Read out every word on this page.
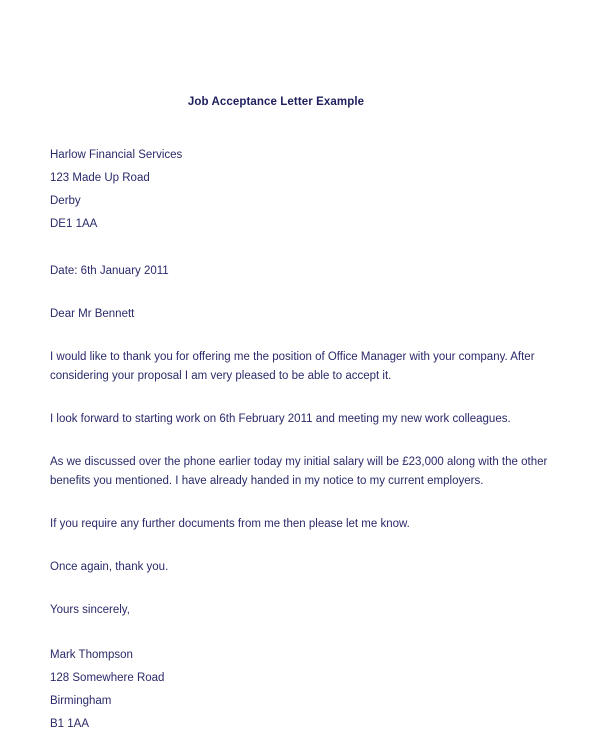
Job Acceptance Letter Example
Harlow Financial Services
123 Made Up Road
Derby
DE1 1AA
Date: 6th January 2011
Dear Mr Bennett
I would like to thank you for offering me the position of Office Manager with your company. After considering your proposal I am very pleased to be able to accept it.
I look forward to starting work on 6th February 2011 and meeting my new work colleagues.
As we discussed over the phone earlier today my initial salary will be £23,000 along with the other benefits you mentioned. I have already handed in my notice to my current employers.
If you require any further documents from me then please let me know.
Once again, thank you.
Yours sincerely,
Mark Thompson
128 Somewhere Road
Birmingham
B1 1AA
